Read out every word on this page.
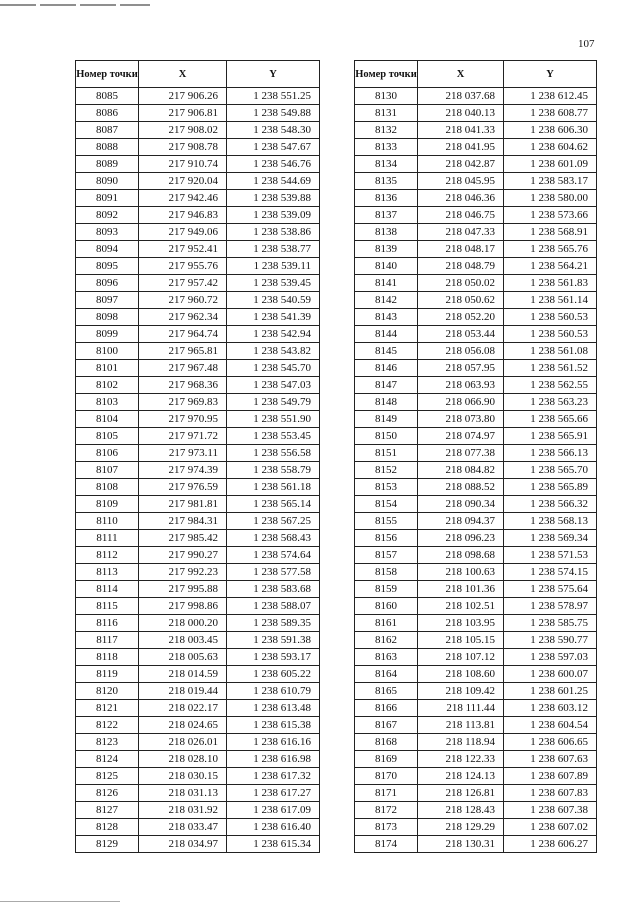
107
Номер точки	X	Y
8085	217 906.26	1 238 551.25
8086	217 906.81	1 238 549.88
8087	217 908.02	1 238 548.30
8088	217 908.78	1 238 547.67
8089	217 910.74	1 238 546.76
8090	217 920.04	1 238 544.69
8091	217 942.46	1 238 539.88
8092	217 946.83	1 238 539.09
8093	217 949.06	1 238 538.86
8094	217 952.41	1 238 538.77
8095	217 955.76	1 238 539.11
8096	217 957.42	1 238 539.45
8097	217 960.72	1 238 540.59
8098	217 962.34	1 238 541.39
8099	217 964.74	1 238 542.94
8100	217 965.81	1 238 543.82
8101	217 967.48	1 238 545.70
8102	217 968.36	1 238 547.03
8103	217 969.83	1 238 549.79
8104	217 970.95	1 238 551.90
8105	217 971.72	1 238 553.45
8106	217 973.11	1 238 556.58
8107	217 974.39	1 238 558.79
8108	217 976.59	1 238 561.18
8109	217 981.81	1 238 565.14
8110	217 984.31	1 238 567.25
8111	217 985.42	1 238 568.43
8112	217 990.27	1 238 574.64
8113	217 992.23	1 238 577.58
8114	217 995.88	1 238 583.68
8115	217 998.86	1 238 588.07
8116	218 000.20	1 238 589.35
8117	218 003.45	1 238 591.38
8118	218 005.63	1 238 593.17
8119	218 014.59	1 238 605.22
8120	218 019.44	1 238 610.79
8121	218 022.17	1 238 613.48
8122	218 024.65	1 238 615.38
8123	218 026.01	1 238 616.16
8124	218 028.10	1 238 616.98
8125	218 030.15	1 238 617.32
8126	218 031.13	1 238 617.27
8127	218 031.92	1 238 617.09
8128	218 033.47	1 238 616.40
8129	218 034.97	1 238 615.34
Номер точки	X	Y
8130	218 037.68	1 238 612.45
8131	218 040.13	1 238 608.77
8132	218 041.33	1 238 606.30
8133	218 041.95	1 238 604.62
8134	218 042.87	1 238 601.09
8135	218 045.95	1 238 583.17
8136	218 046.36	1 238 580.00
8137	218 046.75	1 238 573.66
8138	218 047.33	1 238 568.91
8139	218 048.17	1 238 565.76
8140	218 048.79	1 238 564.21
8141	218 050.02	1 238 561.83
8142	218 050.62	1 238 561.14
8143	218 052.20	1 238 560.53
8144	218 053.44	1 238 560.53
8145	218 056.08	1 238 561.08
8146	218 057.95	1 238 561.52
8147	218 063.93	1 238 562.55
8148	218 066.90	1 238 563.23
8149	218 073.80	1 238 565.66
8150	218 074.97	1 238 565.91
8151	218 077.38	1 238 566.13
8152	218 084.82	1 238 565.70
8153	218 088.52	1 238 565.89
8154	218 090.34	1 238 566.32
8155	218 094.37	1 238 568.13
8156	218 096.23	1 238 569.34
8157	218 098.68	1 238 571.53
8158	218 100.63	1 238 574.15
8159	218 101.36	1 238 575.64
8160	218 102.51	1 238 578.97
8161	218 103.95	1 238 585.75
8162	218 105.15	1 238 590.77
8163	218 107.12	1 238 597.03
8164	218 108.60	1 238 600.07
8165	218 109.42	1 238 601.25
8166	218 111.44	1 238 603.12
8167	218 113.81	1 238 604.54
8168	218 118.94	1 238 606.65
8169	218 122.33	1 238 607.63
8170	218 124.13	1 238 607.89
8171	218 126.81	1 238 607.83
8172	218 128.43	1 238 607.38
8173	218 129.29	1 238 607.02
8174	218 130.31	1 238 606.27
